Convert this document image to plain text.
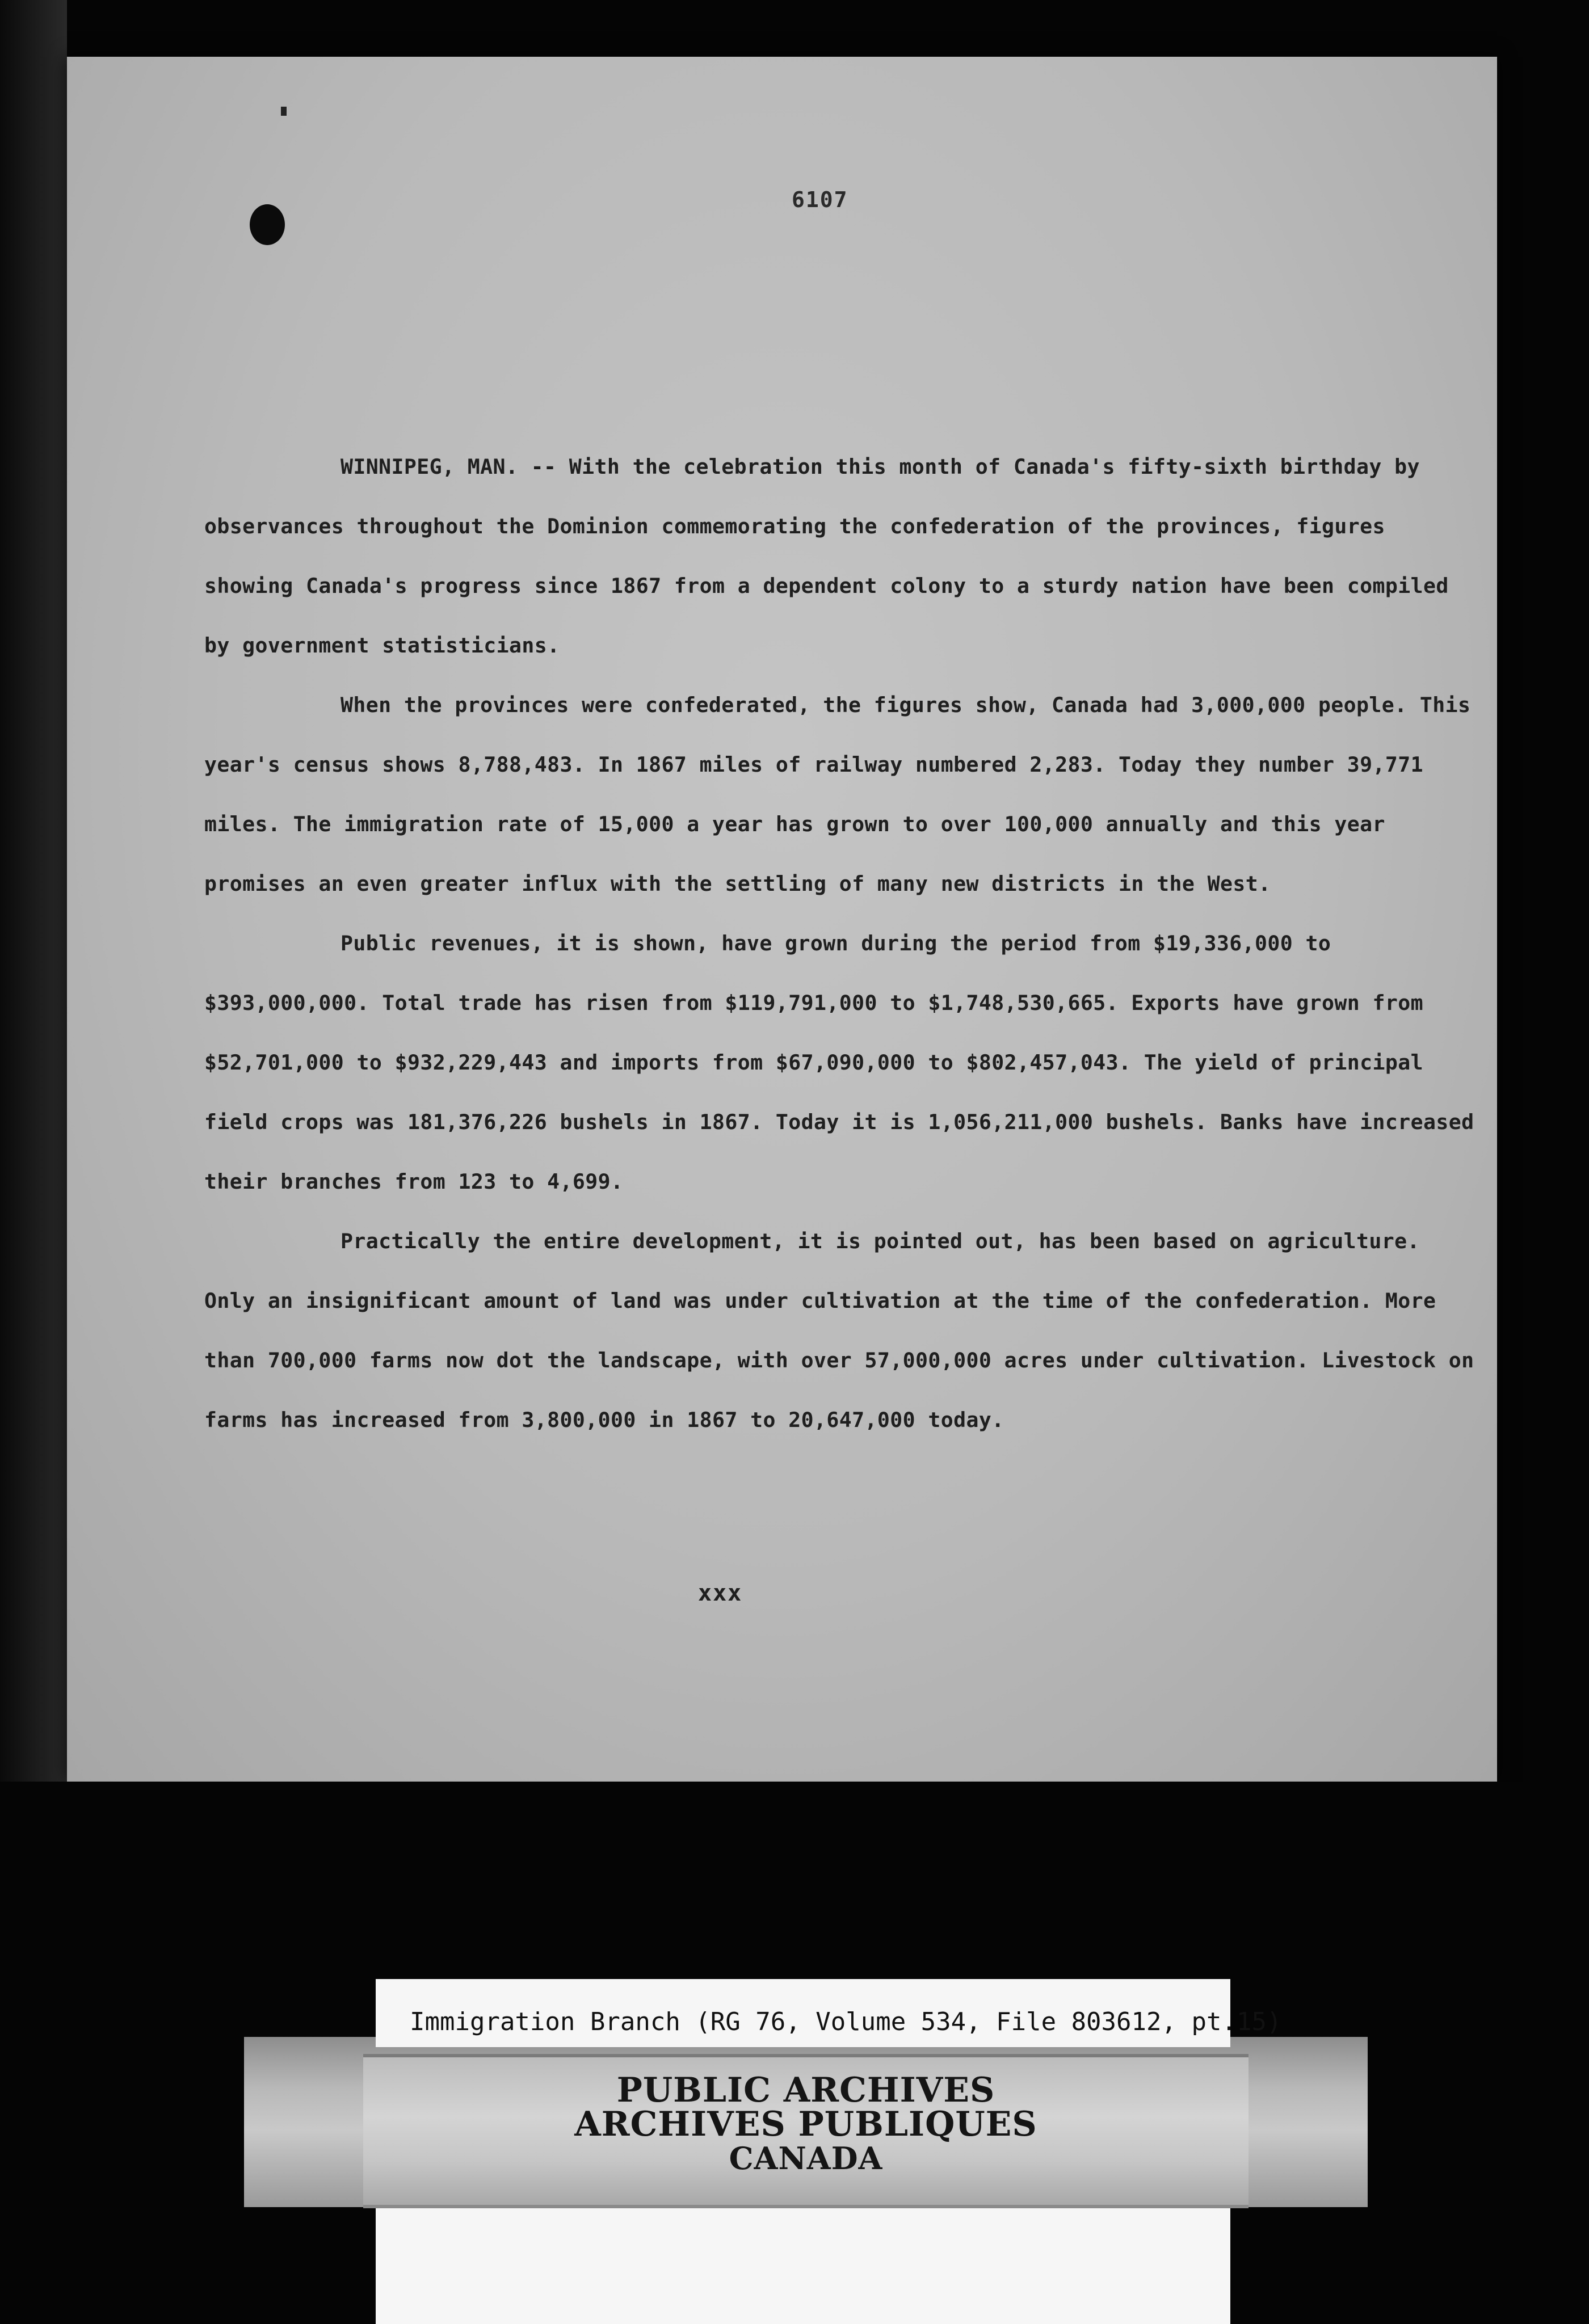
6107

WINNIPEG, MAN. -- With the celebration this month of Canada's fifty-sixth birthday by observances throughout the Dominion commemorating the confederation of the provinces, figures showing Canada's progress since 1867 from a dependent colony to a sturdy nation have been compiled by government statisticians.

When the provinces were confederated, the figures show, Canada had 3,000,000 people. This year's census shows 8,788,483. In 1867 miles of railway numbered 2,283. Today they number 39,771 miles. The immigration rate of 15,000 a year has grown to over 100,000 annually and this year promises an even greater influx with the settling of many new districts in the West.

Public revenues, it is shown, have grown during the period from $19,336,000 to $393,000,000. Total trade has risen from $119,791,000 to $1,748,530,665. Exports have grown from $52,701,000 to $932,229,443 and imports from $67,090,000 to $802,457,043. The yield of principal field crops was 181,376,226 bushels in 1867. Today it is 1,056,211,000 bushels. Banks have increased their branches from 123 to 4,699.

Practically the entire development, it is pointed out, has been based on agriculture. Only an insignificant amount of land was under cultivation at the time of the confederation. More than 700,000 farms now dot the landscape, with over 57,000,000 acres under cultivation. Livestock on farms has increased from 3,800,000 in 1867 to 20,647,000 today.

xxx
Immigration Branch (RG 76, Volume 534, File 803612, pt.15)
PUBLIC ARCHIVES
ARCHIVES PUBLIQUES
CANADA
